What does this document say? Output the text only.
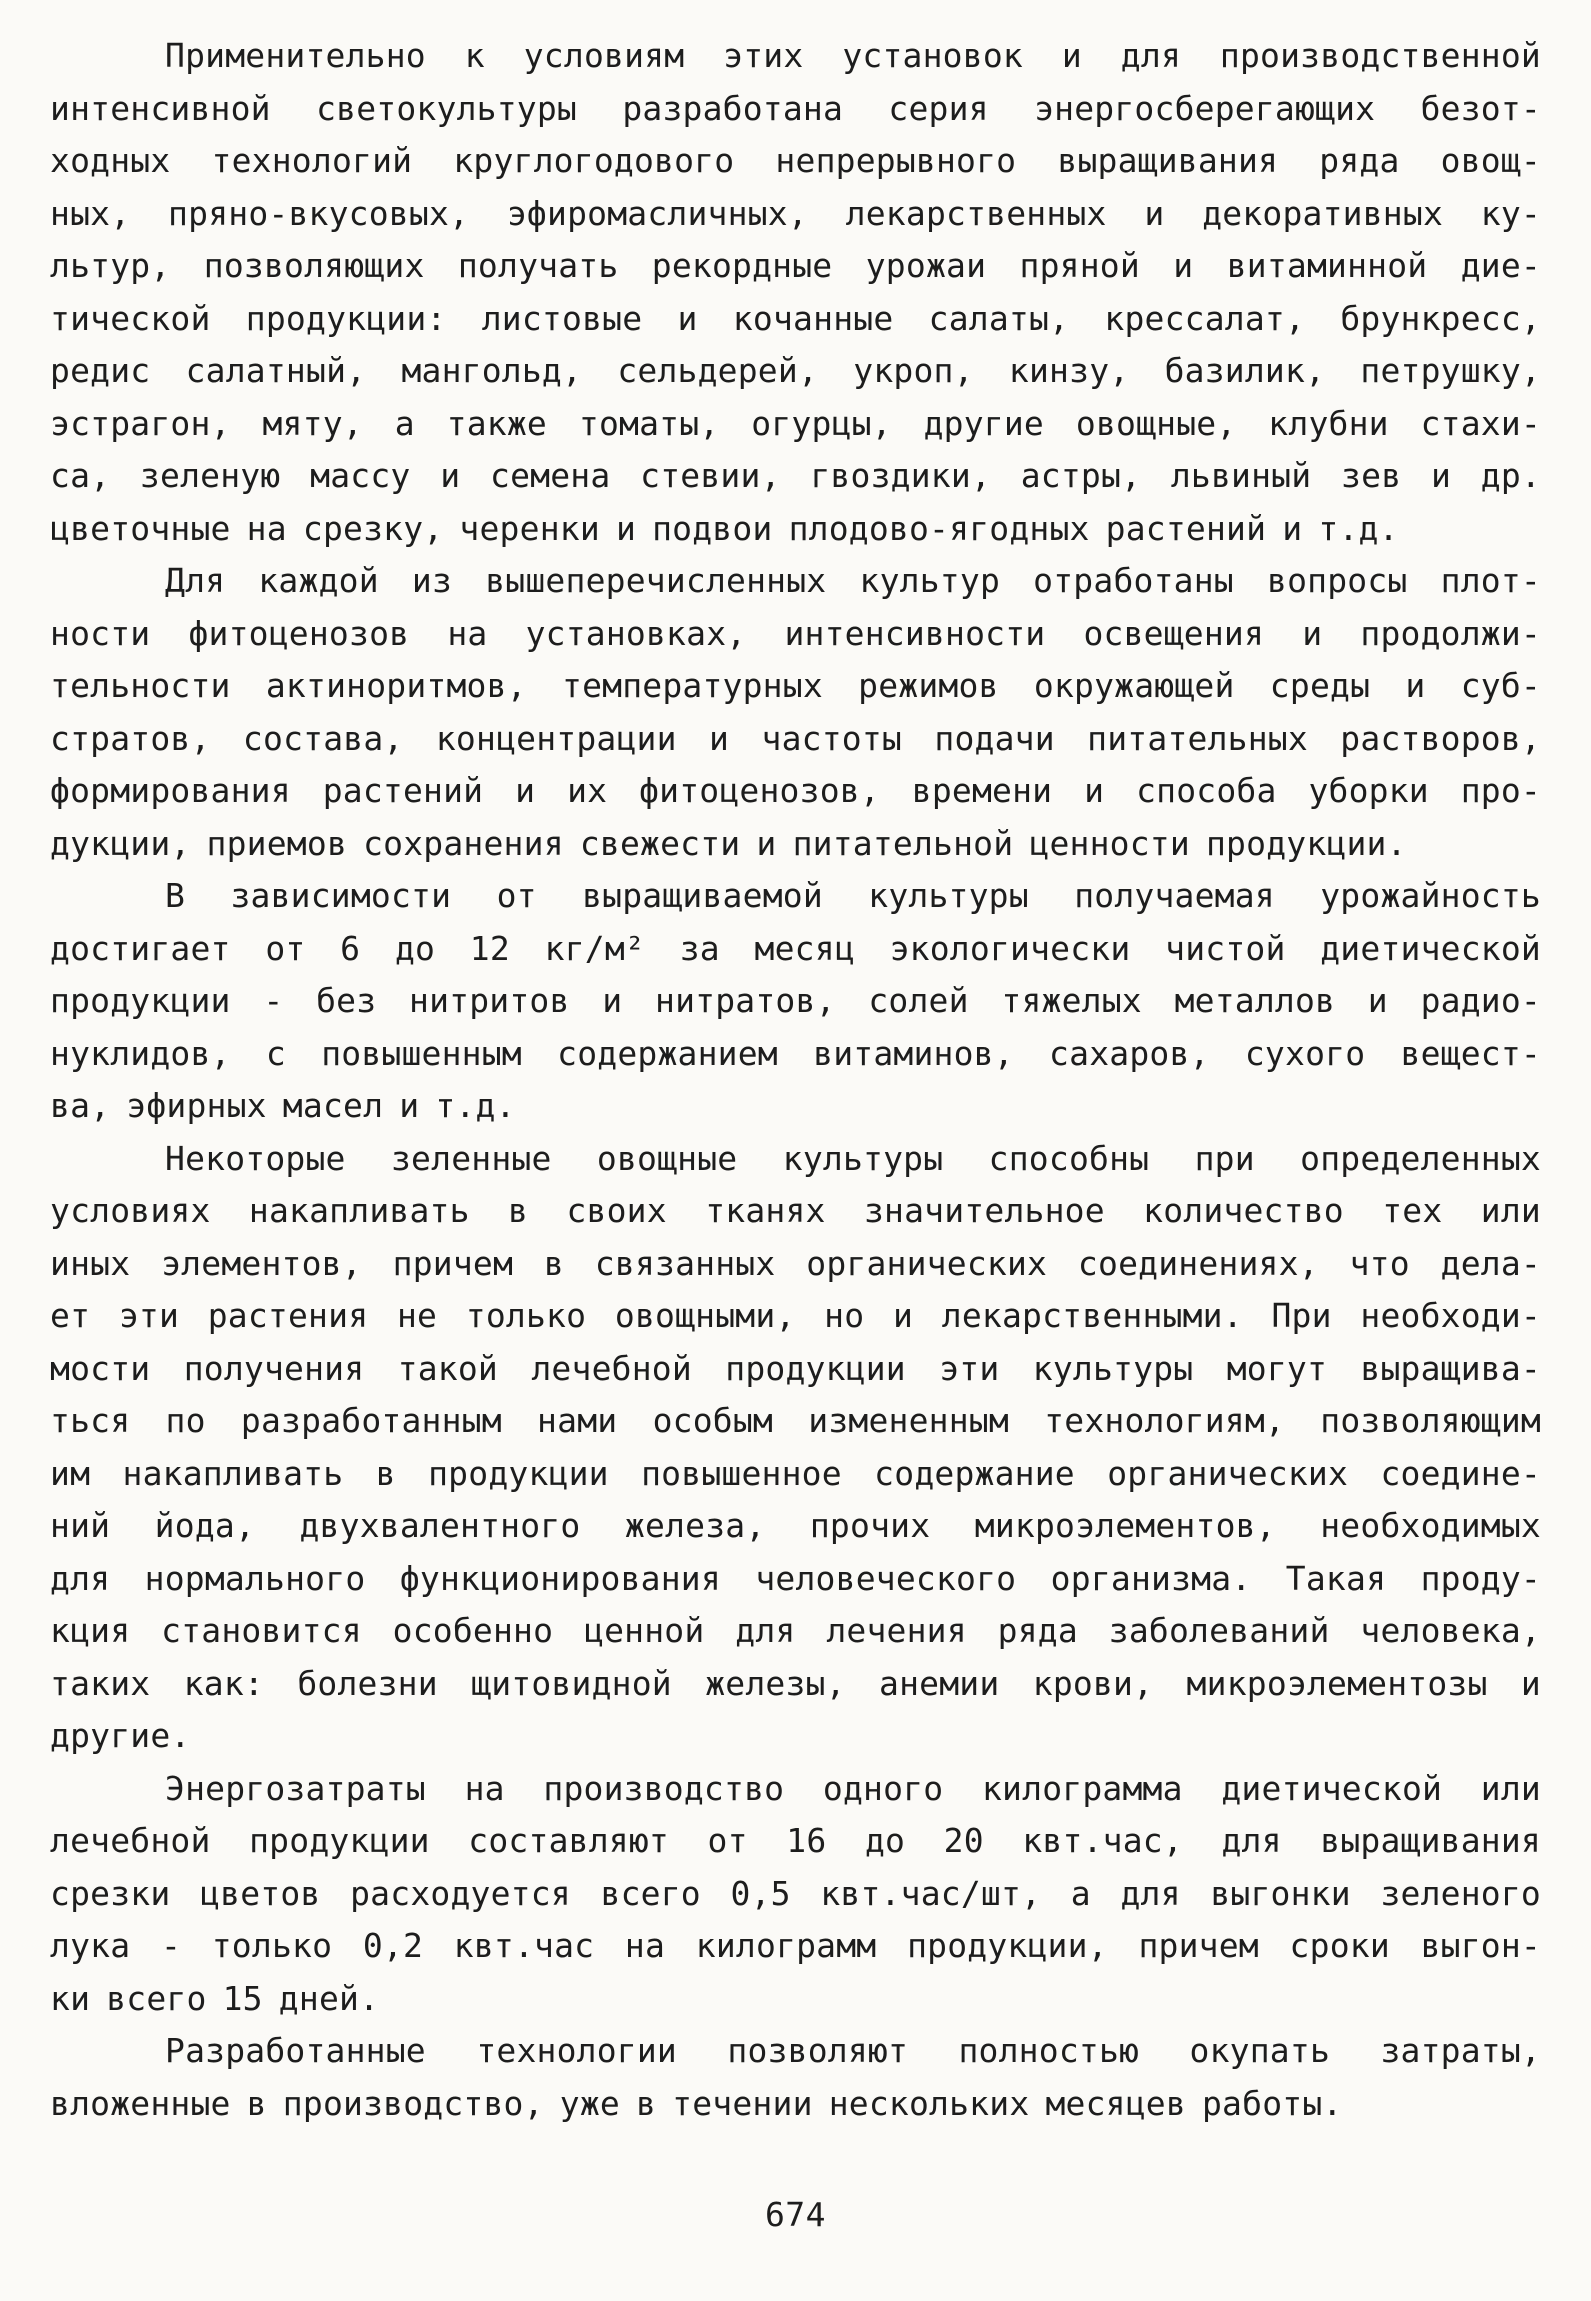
Применительно к условиям этих установок и для производственной
интенсивной светокультуры разработана серия энергосберегающих безот-
ходных технологий круглогодового непрерывного выращивания ряда овощ-
ных, пряно-вкусовых, эфиромасличных, лекарственных и декоративных ку-
льтур, позволяющих получать рекордные урожаи пряной и витаминной дие-
тической продукции: листовые и кочанные салаты, крессалат, брункресс,
редис салатный, мангольд, сельдерей, укроп, кинзу, базилик, петрушку,
эстрагон, мяту, а также томаты, огурцы, другие овощные, клубни стахи-
са, зеленую массу и семена стевии, гвоздики, астры, львиный зев и др.
цветочные на срезку, черенки и подвои плодово-ягодных растений и т.д.
Для каждой из вышеперечисленных культур отработаны вопросы плот-
ности фитоценозов на установках, интенсивности освещения и продолжи-
тельности актиноритмов, температурных режимов окружающей среды и суб-
стратов, состава, концентрации и частоты подачи питательных растворов,
формирования растений и их фитоценозов, времени и способа уборки про-
дукции, приемов сохранения свежести и питательной ценности продукции.
В зависимости от выращиваемой культуры получаемая урожайность
достигает от 6 до 12 кг/м² за месяц экологически чистой диетической
продукции - без нитритов и нитратов, солей тяжелых металлов и радио-
нуклидов, с повышенным содержанием витаминов, сахаров, сухого вещест-
ва, эфирных масел и т.д.
Некоторые зеленные овощные культуры способны при определенных
условиях накапливать в своих тканях значительное количество тех или
иных элементов, причем в связанных органических соединениях, что дела-
ет эти растения не только овощными, но и лекарственными. При необходи-
мости получения такой лечебной продукции эти культуры могут выращива-
ться по разработанным нами особым измененным технологиям, позволяющим
им накапливать в продукции повышенное содержание органических соедине-
ний йода, двухвалентного железа, прочих микроэлементов, необходимых
для нормального функционирования человеческого организма. Такая проду-
кция становится особенно ценной для лечения ряда заболеваний человека,
таких как: болезни щитовидной железы, анемии крови, микроэлементозы и
другие.
Энергозатраты на производство одного килограмма диетической или
лечебной продукции составляют от 16 до 20 квт.час, для выращивания
срезки цветов расходуется всего 0,5 квт.час/шт, а для выгонки зеленого
лука - только 0,2 квт.час на килограмм продукции, причем сроки выгон-
ки всего 15 дней.
Разработанные технологии позволяют полностью окупать затраты,
вложенные в производство, уже в течении нескольких месяцев работы.
674
